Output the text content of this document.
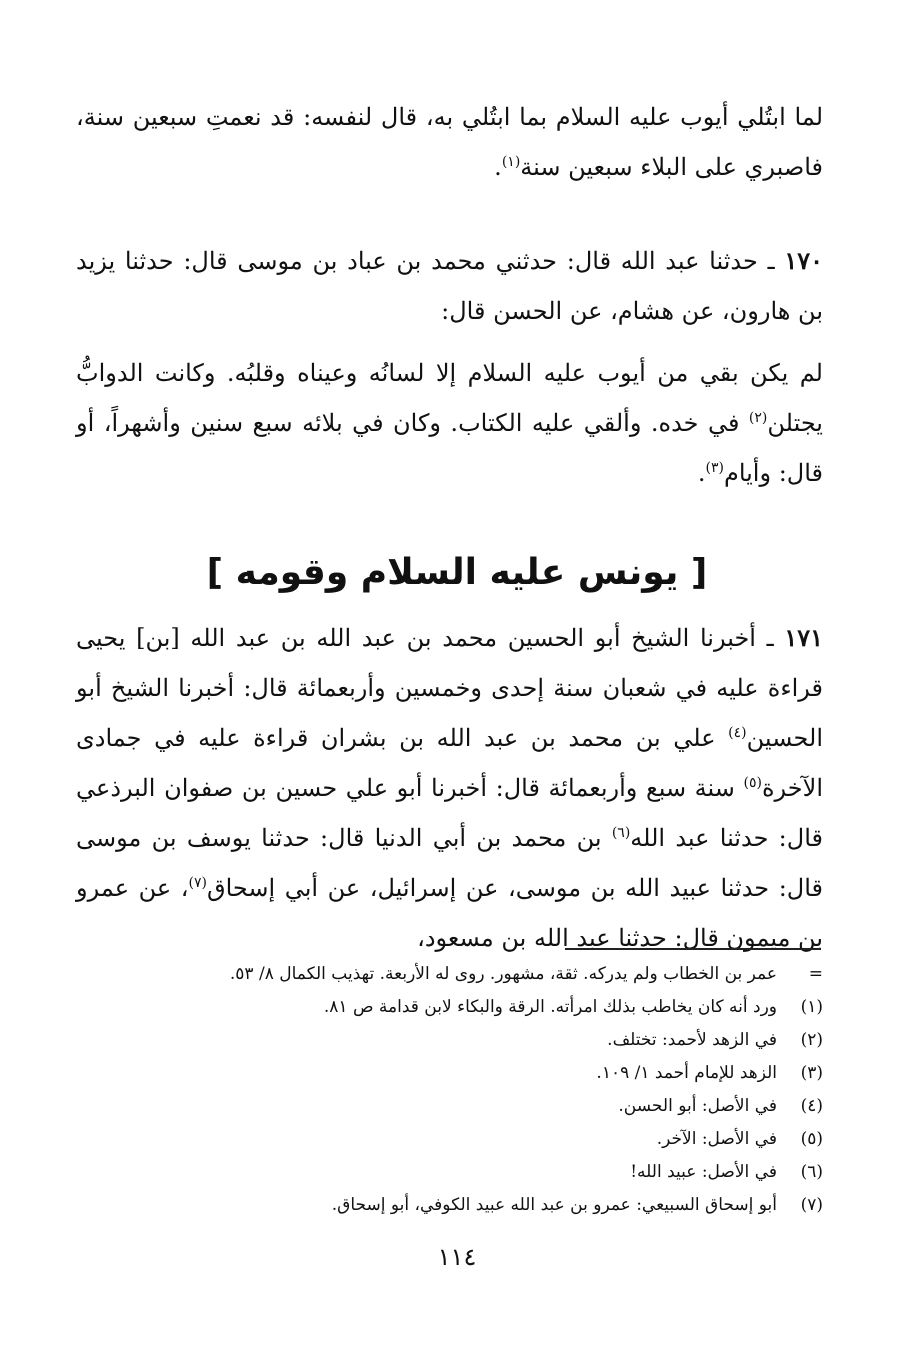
لما ابتُلي أيوب عليه السلام بما ابتُلي به، قال لنفسه: قد نعمتِ سبعين سنة، فاصبري على البلاء سبعين سنة$^{(١)}$.

١٧٠ ـ حدثنا عبد الله قال: حدثني محمد بن عباد بن موسى قال: حدثنا يزيد بن هارون، عن هشام، عن الحسن قال:

لم يكن بقي من أيوب عليه السلام إلا لسانُه وعيناه وقلبُه. وكانت الدوابُّ يجتلن$^{(٢)}$ في خده. وألقي عليه الكتاب. وكان في بلائه سبع سنين وأشهراً، أو قال: وأيام$^{(٣)}$.

[ يونس عليه السلام وقومه ]

١٧١ ـ أخبرنا الشيخ أبو الحسين محمد بن عبد الله بن عبد الله [بن] يحيى قراءة عليه في شعبان سنة إحدى وخمسين وأربعمائة قال: أخبرنا الشيخ أبو الحسين$^{(٤)}$ علي بن محمد بن عبد الله بن بشران قراءة عليه في جمادى الآخرة$^{(٥)}$ سنة سبع وأربعمائة قال: أخبرنا أبو علي حسين بن صفوان البرذعي قال: حدثنا عبد الله$^{(٦)}$ بن محمد بن أبي الدنيا قال: حدثنا يوسف بن موسى قال: حدثنا عبيد الله بن موسى، عن إسرائيل، عن أبي إسحاق$^{(٧)}$، عن عمرو بن ميمون قال: حدثنا عبد الله بن مسعود،

=
عمر بن الخطاب ولم يدركه. ثقة، مشهور. روى له الأربعة. تهذيب الكمال ٨/ ٥٣.
(١)
ورد أنه كان يخاطب بذلك امرأته. الرقة والبكاء لابن قدامة ص ٨١.
(٢)
في الزهد لأحمد: تختلف.
(٣)
الزهد للإمام أحمد ١/ ١٠٩.
(٤)
في الأصل: أبو الحسن.
(٥)
في الأصل: الآخر.
(٦)
في الأصل: عبيد الله!
(٧)
أبو إسحاق السبيعي: عمرو بن عبد الله عبيد الكوفي، أبو إسحاق.
١١٤
